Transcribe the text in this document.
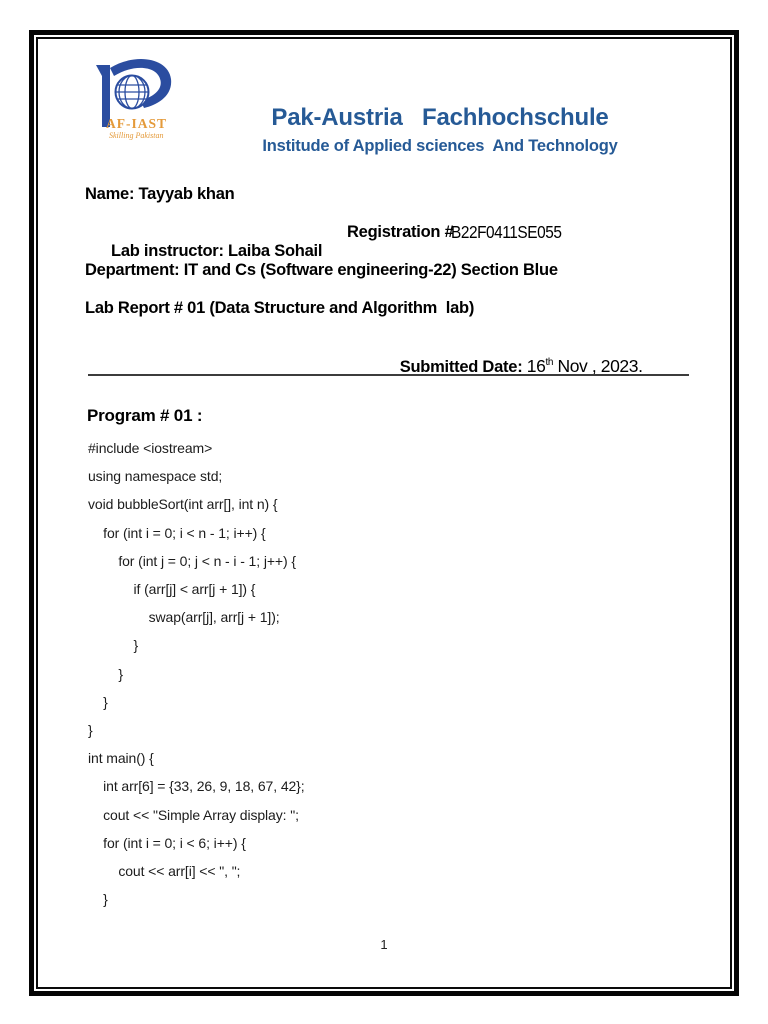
AF-IAST
Skilling Pakistan
Pak-Austria   Fachhochschule
Institude of Applied sciences  And Technology
Name: Tayyab khan

Lab instructor: Laiba Sohail

Registration #

B22F0411SE055

Department: IT and Cs (Software engineering-22) Section Blue
Lab Report # 01 (Data Structure and Algorithm  lab)

Submitted Date: 16th Nov , 2023.

Program # 01 :
#include <iostream>
using namespace std;
void bubbleSort(int arr[], int n) {
for (int i = 0; i < n - 1; i++) {
for (int j = 0; j < n - i - 1; j++) {
if (arr[j] < arr[j + 1]) {
swap(arr[j], arr[j + 1]);
}
}
}
}
int main() {
int arr[6] = {33, 26, 9, 18, 67, 42};
cout << "Simple Array display: ";
for (int i = 0; i < 6; i++) {
cout << arr[i] << ", ";
}
1
